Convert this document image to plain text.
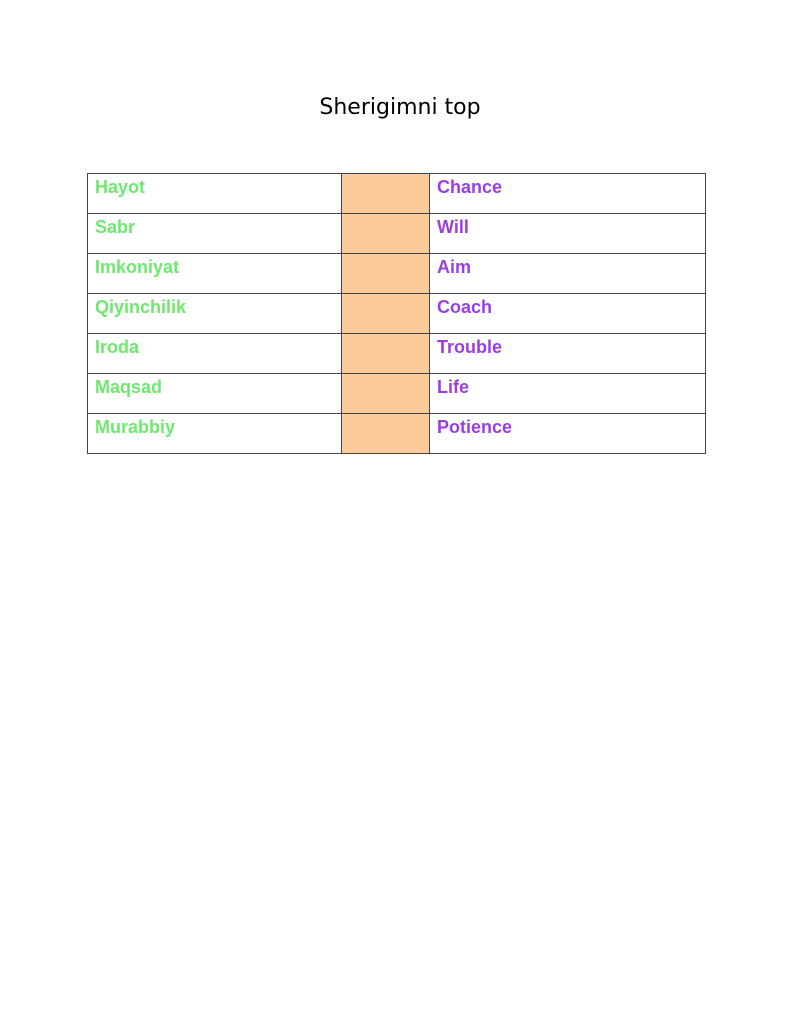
Sherigimni top
Hayot		Chance
Sabr		Will
Imkoniyat		Aim
Qiyinchilik		Coach
Iroda		Trouble
Maqsad		Life
Murabbiy		Potience
